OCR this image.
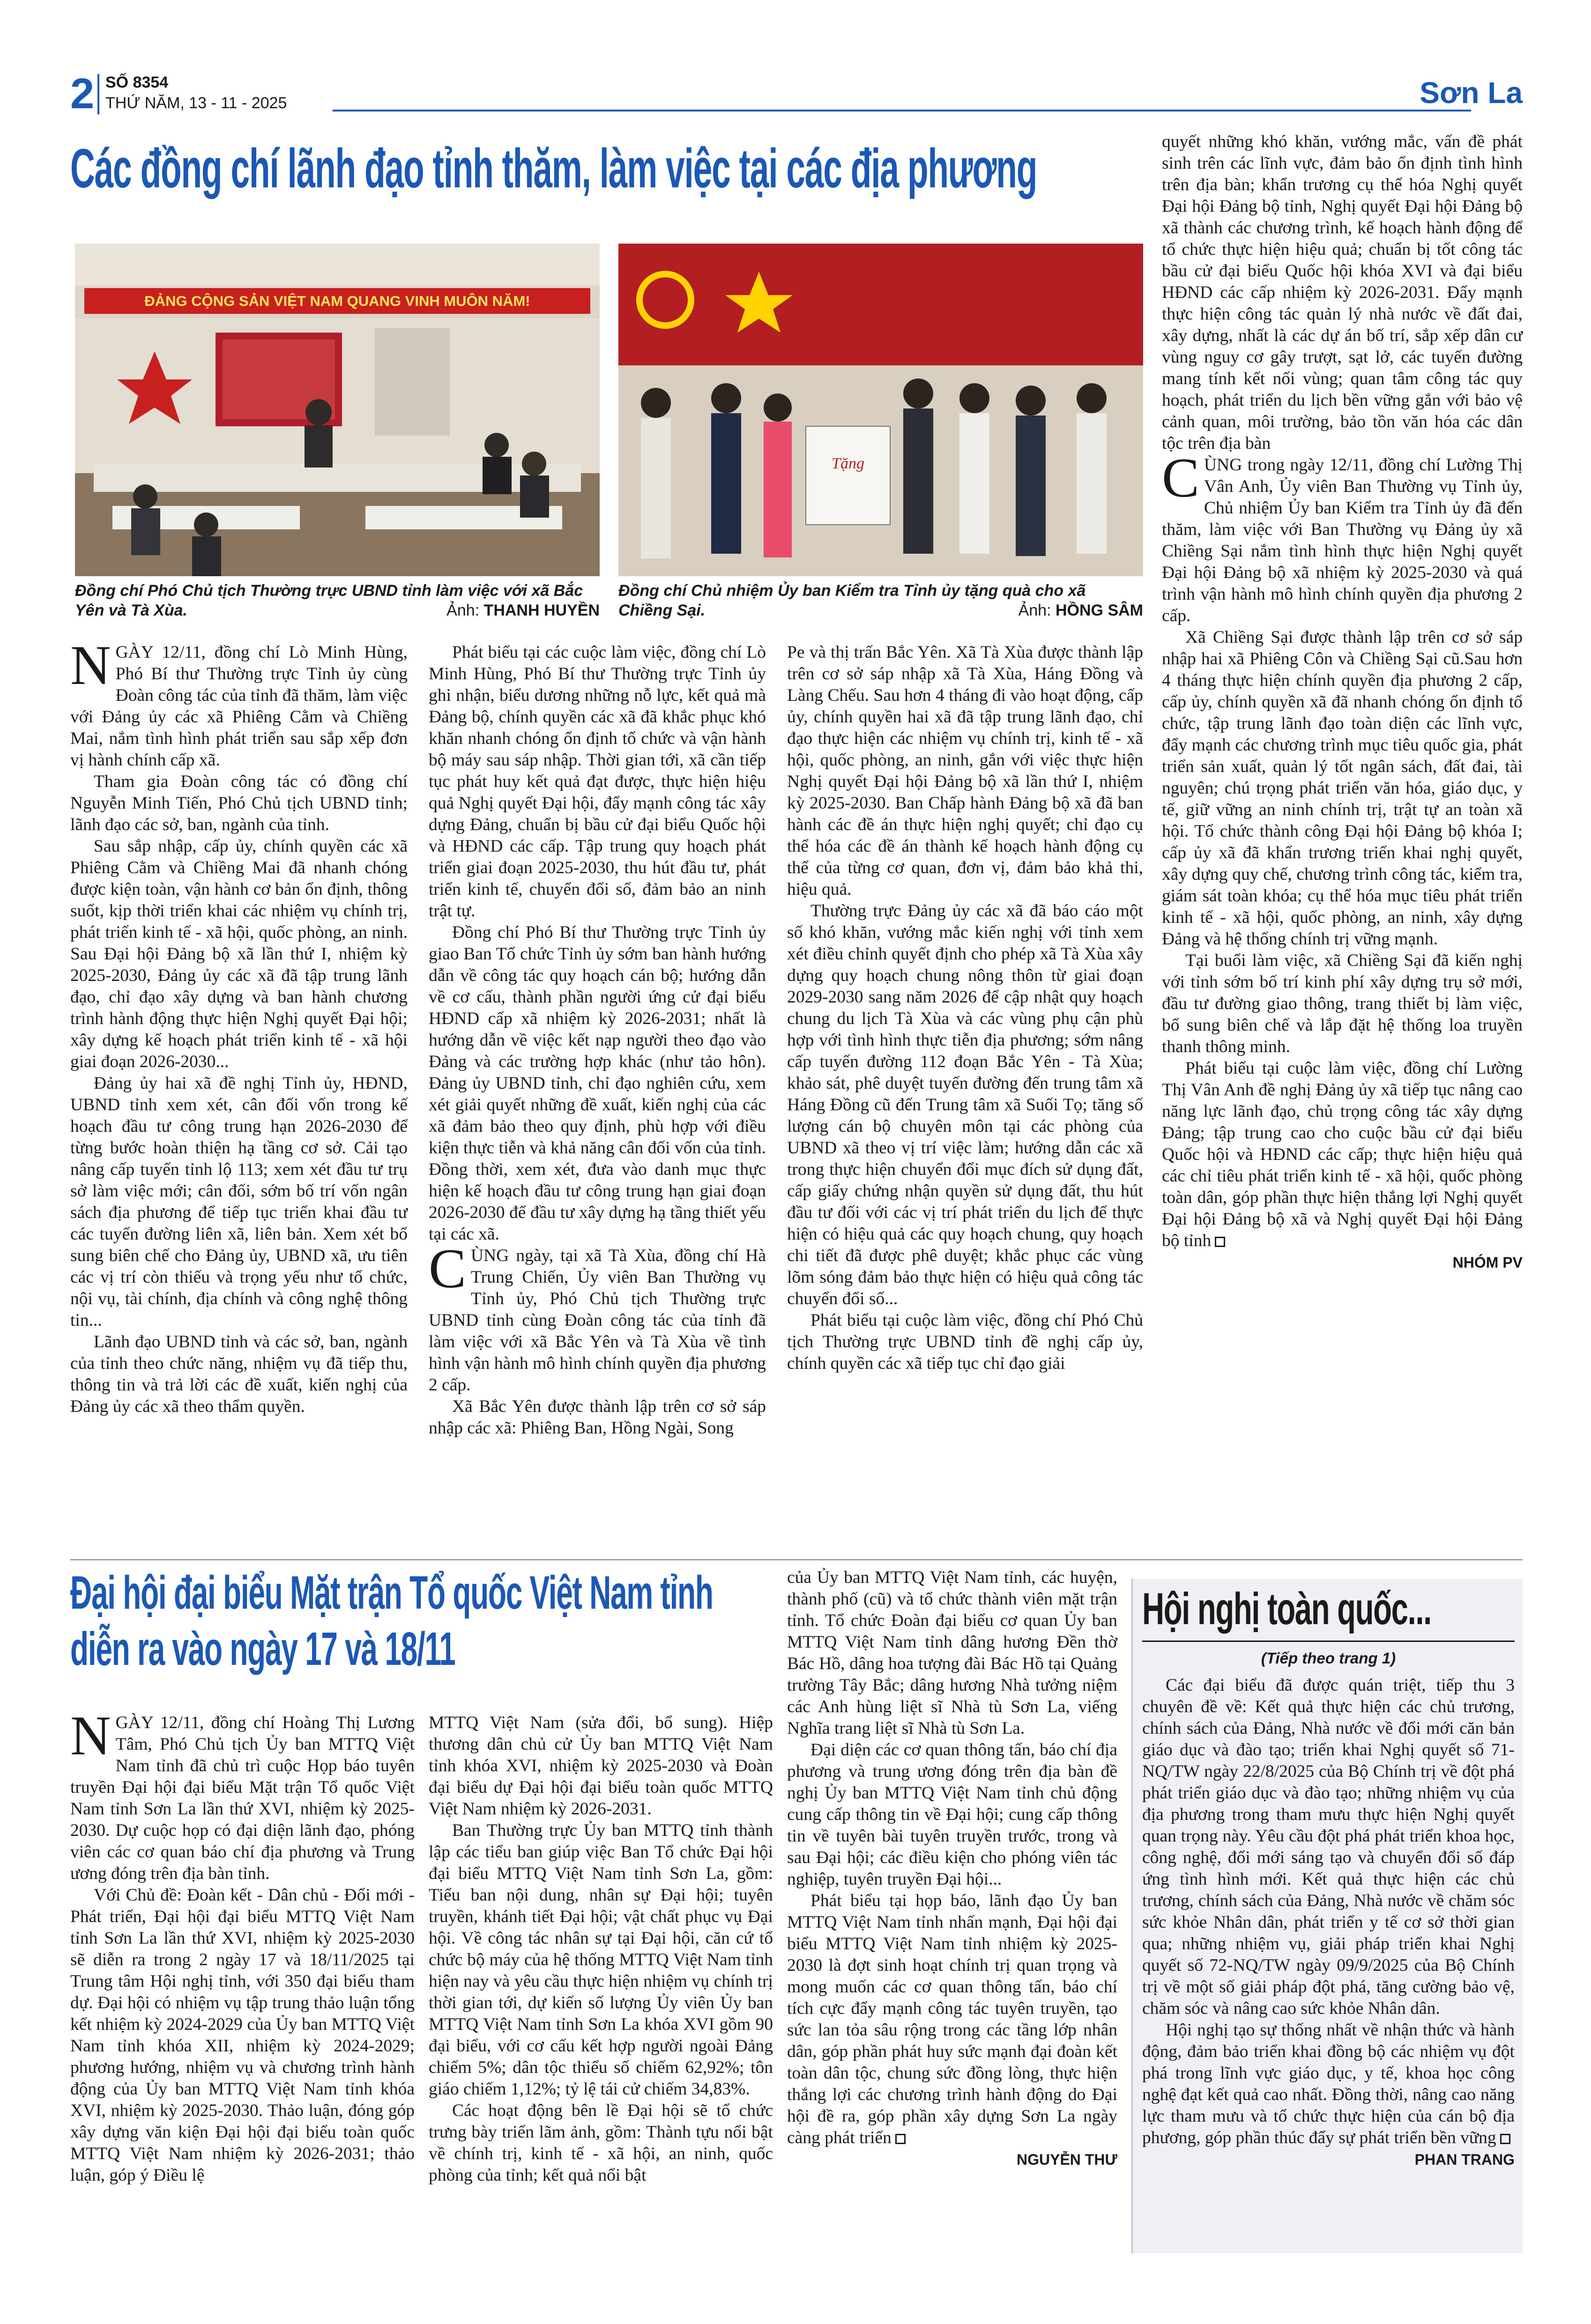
2 SỐ 8354
THỨ NĂM, 13 - 11 - 2025	Sơn La
Các đồng chí lãnh đạo tỉnh thăm, làm việc tại các địa phương
ĐẢNG CỘNG SẢN VIỆT NAM QUANG VINH MUÔN NĂM!
Đồng chí Phó Chủ tịch Thường trực UBND tỉnh làm việc với xã Bắc Yên và Tà Xùa.	Ảnh: THANH HUYỀN
Tặng
Đồng chí Chủ nhiệm Ủy ban Kiểm tra Tỉnh ủy tặng quà cho xã Chiềng Sại.	Ảnh: HỒNG SÂM

NGÀY 12/11, đồng chí Lò Minh Hùng, Phó Bí thư Thường trực Tỉnh ủy cùng Đoàn công tác của tỉnh đã thăm, làm việc với Đảng ủy các xã Phiêng Cằm và Chiềng Mai, nắm tình hình phát triển sau sắp xếp đơn vị hành chính cấp xã.

Tham gia Đoàn công tác có đồng chí Nguyễn Minh Tiến, Phó Chủ tịch UBND tỉnh; lãnh đạo các sở, ban, ngành của tỉnh.

Sau sắp nhập, cấp ủy, chính quyền các xã Phiêng Cằm và Chiềng Mai đã nhanh chóng được kiện toàn, vận hành cơ bản ổn định, thông suốt, kịp thời triển khai các nhiệm vụ chính trị, phát triển kinh tế - xã hội, quốc phòng, an ninh. Sau Đại hội Đảng bộ xã lần thứ I, nhiệm kỳ 2025-2030, Đảng ủy các xã đã tập trung lãnh đạo, chỉ đạo xây dựng và ban hành chương trình hành động thực hiện Nghị quyết Đại hội; xây dựng kế hoạch phát triển kinh tế - xã hội giai đoạn 2026-2030...

Đảng ủy hai xã đề nghị Tỉnh ủy, HĐND, UBND tỉnh xem xét, cân đối vốn trong kế hoạch đầu tư công trung hạn 2026-2030 để từng bước hoàn thiện hạ tầng cơ sở. Cải tạo nâng cấp tuyến tỉnh lộ 113; xem xét đầu tư trụ sở làm việc mới; cân đối, sớm bố trí vốn ngân sách địa phương để tiếp tục triển khai đầu tư các tuyến đường liên xã, liên bản. Xem xét bổ sung biên chế cho Đảng ủy, UBND xã, ưu tiên các vị trí còn thiếu và trọng yếu như tổ chức, nội vụ, tài chính, địa chính và công nghệ thông tin...

Lãnh đạo UBND tỉnh và các sở, ban, ngành của tỉnh theo chức năng, nhiệm vụ đã tiếp thu, thông tin và trả lời các đề xuất, kiến nghị của Đảng ủy các xã theo thẩm quyền.

Phát biểu tại các cuộc làm việc, đồng chí Lò Minh Hùng, Phó Bí thư Thường trực Tỉnh ủy ghi nhận, biểu dương những nỗ lực, kết quả mà Đảng bộ, chính quyền các xã đã khắc phục khó khăn nhanh chóng ổn định tổ chức và vận hành bộ máy sau sáp nhập. Thời gian tới, xã cần tiếp tục phát huy kết quả đạt được, thực hiện hiệu quả Nghị quyết Đại hội, đẩy mạnh công tác xây dựng Đảng, chuẩn bị bầu cử đại biểu Quốc hội và HĐND các cấp. Tập trung quy hoạch phát triển giai đoạn 2025-2030, thu hút đầu tư, phát triển kinh tế, chuyển đổi số, đảm bảo an ninh trật tự.

Đồng chí Phó Bí thư Thường trực Tỉnh ủy giao Ban Tổ chức Tỉnh ủy sớm ban hành hướng dẫn về công tác quy hoạch cán bộ; hướng dẫn về cơ cấu, thành phần người ứng cử đại biểu HĐND cấp xã nhiệm kỳ 2026-2031; nhất là hướng dẫn về việc kết nạp người theo đạo vào Đảng và các trường hợp khác (như tảo hôn). Đảng ủy UBND tỉnh, chỉ đạo nghiên cứu, xem xét giải quyết những đề xuất, kiến nghị của các xã đảm bảo theo quy định, phù hợp với điều kiện thực tiễn và khả năng cân đối vốn của tỉnh. Đồng thời, xem xét, đưa vào danh mục thực hiện kế hoạch đầu tư công trung hạn giai đoạn 2026-2030 để đầu tư xây dựng hạ tầng thiết yếu tại các xã.

CÙNG ngày, tại xã Tà Xùa, đồng chí Hà Trung Chiến, Ủy viên Ban Thường vụ Tỉnh ủy, Phó Chủ tịch Thường trực UBND tỉnh cùng Đoàn công tác của tỉnh đã làm việc với xã Bắc Yên và Tà Xùa về tình hình vận hành mô hình chính quyền địa phương 2 cấp.

Xã Bắc Yên được thành lập trên cơ sở sáp nhập các xã: Phiêng Ban, Hồng Ngài, Song

Pe và thị trấn Bắc Yên. Xã Tà Xùa được thành lập trên cơ sở sáp nhập xã Tà Xùa, Háng Đồng và Làng Chếu. Sau hơn 4 tháng đi vào hoạt động, cấp ủy, chính quyền hai xã đã tập trung lãnh đạo, chỉ đạo thực hiện các nhiệm vụ chính trị, kinh tế - xã hội, quốc phòng, an ninh, gắn với việc thực hiện Nghị quyết Đại hội Đảng bộ xã lần thứ I, nhiệm kỳ 2025-2030. Ban Chấp hành Đảng bộ xã đã ban hành các đề án thực hiện nghị quyết; chỉ đạo cụ thể hóa các đề án thành kế hoạch hành động cụ thể của từng cơ quan, đơn vị, đảm bảo khả thi, hiệu quả.

Thường trực Đảng ủy các xã đã báo cáo một số khó khăn, vướng mắc kiến nghị với tỉnh xem xét điều chỉnh quyết định cho phép xã Tà Xùa xây dựng quy hoạch chung nông thôn từ giai đoạn 2029-2030 sang năm 2026 để cập nhật quy hoạch chung du lịch Tà Xùa và các vùng phụ cận phù hợp với tình hình thực tiễn địa phương; sớm nâng cấp tuyến đường 112 đoạn Bắc Yên - Tà Xùa; khảo sát, phê duyệt tuyến đường đến trung tâm xã Háng Đồng cũ đến Trung tâm xã Suối Tọ; tăng số lượng cán bộ chuyên môn tại các phòng của UBND xã theo vị trí việc làm; hướng dẫn các xã trong thực hiện chuyển đổi mục đích sử dụng đất, cấp giấy chứng nhận quyền sử dụng đất, thu hút đầu tư đối với các vị trí phát triển du lịch để thực hiện có hiệu quả các quy hoạch chung, quy hoạch chi tiết đã được phê duyệt; khắc phục các vùng lõm sóng đảm bảo thực hiện có hiệu quả công tác chuyển đổi số...

Phát biểu tại cuộc làm việc, đồng chí Phó Chủ tịch Thường trực UBND tỉnh đề nghị cấp ủy, chính quyền các xã tiếp tục chỉ đạo giải

quyết những khó khăn, vướng mắc, vấn đề phát sinh trên các lĩnh vực, đảm bảo ổn định tình hình trên địa bàn; khẩn trương cụ thể hóa Nghị quyết Đại hội Đảng bộ tỉnh, Nghị quyết Đại hội Đảng bộ xã thành các chương trình, kế hoạch hành động để tổ chức thực hiện hiệu quả; chuẩn bị tốt công tác bầu cử đại biểu Quốc hội khóa XVI và đại biểu HĐND các cấp nhiệm kỳ 2026-2031. Đẩy mạnh thực hiện công tác quản lý nhà nước về đất đai, xây dựng, nhất là các dự án bố trí, sắp xếp dân cư vùng nguy cơ gây trượt, sạt lở, các tuyến đường mang tính kết nối vùng; quan tâm công tác quy hoạch, phát triển du lịch bền vững gắn với bảo vệ cảnh quan, môi trường, bảo tồn văn hóa các dân tộc trên địa bàn

CÙNG trong ngày 12/11, đồng chí Lường Thị Vân Anh, Ủy viên Ban Thường vụ Tỉnh ủy, Chủ nhiệm Ủy ban Kiểm tra Tỉnh ủy đã đến thăm, làm việc với Ban Thường vụ Đảng ủy xã Chiềng Sại nắm tình hình thực hiện Nghị quyết Đại hội Đảng bộ xã nhiệm kỳ 2025-2030 và quá trình vận hành mô hình chính quyền địa phương 2 cấp.

Xã Chiềng Sại được thành lập trên cơ sở sáp nhập hai xã Phiêng Côn và Chiềng Sại cũ.Sau hơn 4 tháng thực hiện chính quyền địa phương 2 cấp, cấp ủy, chính quyền xã đã nhanh chóng ổn định tổ chức, tập trung lãnh đạo toàn diện các lĩnh vực, đẩy mạnh các chương trình mục tiêu quốc gia, phát triển sản xuất, quản lý tốt ngân sách, đất đai, tài nguyên; chú trọng phát triển văn hóa, giáo dục, y tế, giữ vững an ninh chính trị, trật tự an toàn xã hội. Tổ chức thành công Đại hội Đảng bộ khóa I; cấp ủy xã đã khẩn trương triển khai nghị quyết, xây dựng quy chế, chương trình công tác, kiểm tra, giám sát toàn khóa; cụ thể hóa mục tiêu phát triển kinh tế - xã hội, quốc phòng, an ninh, xây dựng Đảng và hệ thống chính trị vững mạnh.

Tại buổi làm việc, xã Chiềng Sại đã kiến nghị với tỉnh sớm bố trí kinh phí xây dựng trụ sở mới, đầu tư đường giao thông, trang thiết bị làm việc, bổ sung biên chế và lắp đặt hệ thống loa truyền thanh thông minh.

Phát biểu tại cuộc làm việc, đồng chí Lường Thị Vân Anh đề nghị Đảng ủy xã tiếp tục nâng cao năng lực lãnh đạo, chủ trọng công tác xây dựng Đảng; tập trung cao cho cuộc bầu cử đại biểu Quốc hội và HĐND các cấp; thực hiện hiệu quả các chỉ tiêu phát triển kinh tế - xã hội, quốc phòng toàn dân, góp phần thực hiện thắng lợi Nghị quyết Đại hội Đảng bộ xã và Nghị quyết Đại hội Đảng bộ tỉnh

NHÓM PV
Đại hội đại biểu Mặt trận Tổ quốc Việt Nam tỉnh
diễn ra vào ngày 17 và 18/11

NGÀY 12/11, đồng chí Hoàng Thị Lương Tâm, Phó Chủ tịch Ủy ban MTTQ Việt Nam tỉnh đã chủ trì cuộc Họp báo tuyên truyền Đại hội đại biểu Mặt trận Tổ quốc Việt Nam tỉnh Sơn La lần thứ XVI, nhiệm kỳ 2025-2030. Dự cuộc họp có đại diện lãnh đạo, phóng viên các cơ quan báo chí địa phương và Trung ương đóng trên địa bàn tỉnh.

Với Chủ đề: Đoàn kết - Dân chủ - Đổi mới - Phát triển, Đại hội đại biểu MTTQ Việt Nam tỉnh Sơn La lần thứ XVI, nhiệm kỳ 2025-2030 sẽ diễn ra trong 2 ngày 17 và 18/11/2025 tại Trung tâm Hội nghị tỉnh, với 350 đại biểu tham dự. Đại hội có nhiệm vụ tập trung thảo luận tổng kết nhiệm kỳ 2024-2029 của Ủy ban MTTQ Việt Nam tỉnh khóa XII, nhiệm kỳ 2024-2029; phương hướng, nhiệm vụ và chương trình hành động của Ủy ban MTTQ Việt Nam tỉnh khóa XVI, nhiệm kỳ 2025-2030. Thảo luận, đóng góp xây dựng văn kiện Đại hội đại biểu toàn quốc MTTQ Việt Nam nhiệm kỳ 2026-2031; thảo luận, góp ý Điều lệ

MTTQ Việt Nam (sửa đổi, bổ sung). Hiệp thương dân chủ cử Ủy ban MTTQ Việt Nam tỉnh khóa XVI, nhiệm kỳ 2025-2030 và Đoàn đại biểu dự Đại hội đại biểu toàn quốc MTTQ Việt Nam nhiệm kỳ 2026-2031.

Ban Thường trực Ủy ban MTTQ tỉnh thành lập các tiểu ban giúp việc Ban Tổ chức Đại hội đại biểu MTTQ Việt Nam tỉnh Sơn La, gồm: Tiểu ban nội dung, nhân sự Đại hội; tuyên truyền, khánh tiết Đại hội; vật chất phục vụ Đại hội. Về công tác nhân sự tại Đại hội, căn cứ tổ chức bộ máy của hệ thống MTTQ Việt Nam tỉnh hiện nay và yêu cầu thực hiện nhiệm vụ chính trị thời gian tới, dự kiến số lượng Ủy viên Ủy ban MTTQ Việt Nam tỉnh Sơn La khóa XVI gồm 90 đại biểu, với cơ cấu kết hợp người ngoài Đảng chiếm 5%; dân tộc thiểu số chiếm 62,92%; tôn giáo chiếm 1,12%; tỷ lệ tái cử chiếm 34,83%.

Các hoạt động bên lề Đại hội sẽ tổ chức trưng bày triển lãm ảnh, gồm: Thành tựu nổi bật về chính trị, kinh tế - xã hội, an ninh, quốc phòng của tỉnh; kết quả nổi bật

của Ủy ban MTTQ Việt Nam tỉnh, các huyện, thành phố (cũ) và tổ chức thành viên mặt trận tỉnh. Tổ chức Đoàn đại biểu cơ quan Ủy ban MTTQ Việt Nam tỉnh dâng hương Đền thờ Bác Hồ, dâng hoa tượng đài Bác Hồ tại Quảng trường Tây Bắc; dâng hương Nhà tưởng niệm các Anh hùng liệt sĩ Nhà tù Sơn La, viếng Nghĩa trang liệt sĩ Nhà tù Sơn La.

Đại diện các cơ quan thông tấn, báo chí địa phương và trung ương đóng trên địa bàn đề nghị Ủy ban MTTQ Việt Nam tỉnh chủ động cung cấp thông tin về Đại hội; cung cấp thông tin về tuyên bài tuyên truyền trước, trong và sau Đại hội; các điều kiện cho phóng viên tác nghiệp, tuyên truyền Đại hội...

Phát biểu tại họp báo, lãnh đạo Ủy ban MTTQ Việt Nam tỉnh nhấn mạnh, Đại hội đại biểu MTTQ Việt Nam tỉnh nhiệm kỳ 2025-2030 là đợt sinh hoạt chính trị quan trọng và mong muốn các cơ quan thông tấn, báo chí tích cực đẩy mạnh công tác tuyên truyền, tạo sức lan tỏa sâu rộng trong các tầng lớp nhân dân, góp phần phát huy sức mạnh đại đoàn kết toàn dân tộc, chung sức đồng lòng, thực hiện thắng lợi các chương trình hành động do Đại hội đề ra, góp phần xây dựng Sơn La ngày càng phát triển

NGUYỄN THƯ
Hội nghị toàn quốc...
(Tiếp theo trang 1)

Các đại biểu đã được quán triệt, tiếp thu 3 chuyên đề về: Kết quả thực hiện các chủ trương, chính sách của Đảng, Nhà nước về đổi mới căn bản giáo dục và đào tạo; triển khai Nghị quyết số 71- NQ/TW ngày 22/8/2025 của Bộ Chính trị về đột phá phát triển giáo dục và đào tạo; những nhiệm vụ của địa phương trong tham mưu thực hiện Nghị quyết quan trọng này. Yêu cầu đột phá phát triển khoa học, công nghệ, đổi mới sáng tạo và chuyển đổi số đáp ứng tình hình mới. Kết quả thực hiện các chủ trương, chính sách của Đảng, Nhà nước về chăm sóc sức khỏe Nhân dân, phát triển y tế cơ sở thời gian qua; những nhiệm vụ, giải pháp triển khai Nghị quyết số 72-NQ/TW ngày 09/9/2025 của Bộ Chính trị về một số giải pháp đột phá, tăng cường bảo vệ, chăm sóc và nâng cao sức khỏe Nhân dân.

Hội nghị tạo sự thống nhất về nhận thức và hành động, đảm bảo triển khai đồng bộ các nhiệm vụ đột phá trong lĩnh vực giáo dục, y tế, khoa học công nghệ đạt kết quả cao nhất. Đồng thời, nâng cao năng lực tham mưu và tổ chức thực hiện của cán bộ địa phương, góp phần thúc đẩy sự phát triển bền vững

PHAN TRANG
